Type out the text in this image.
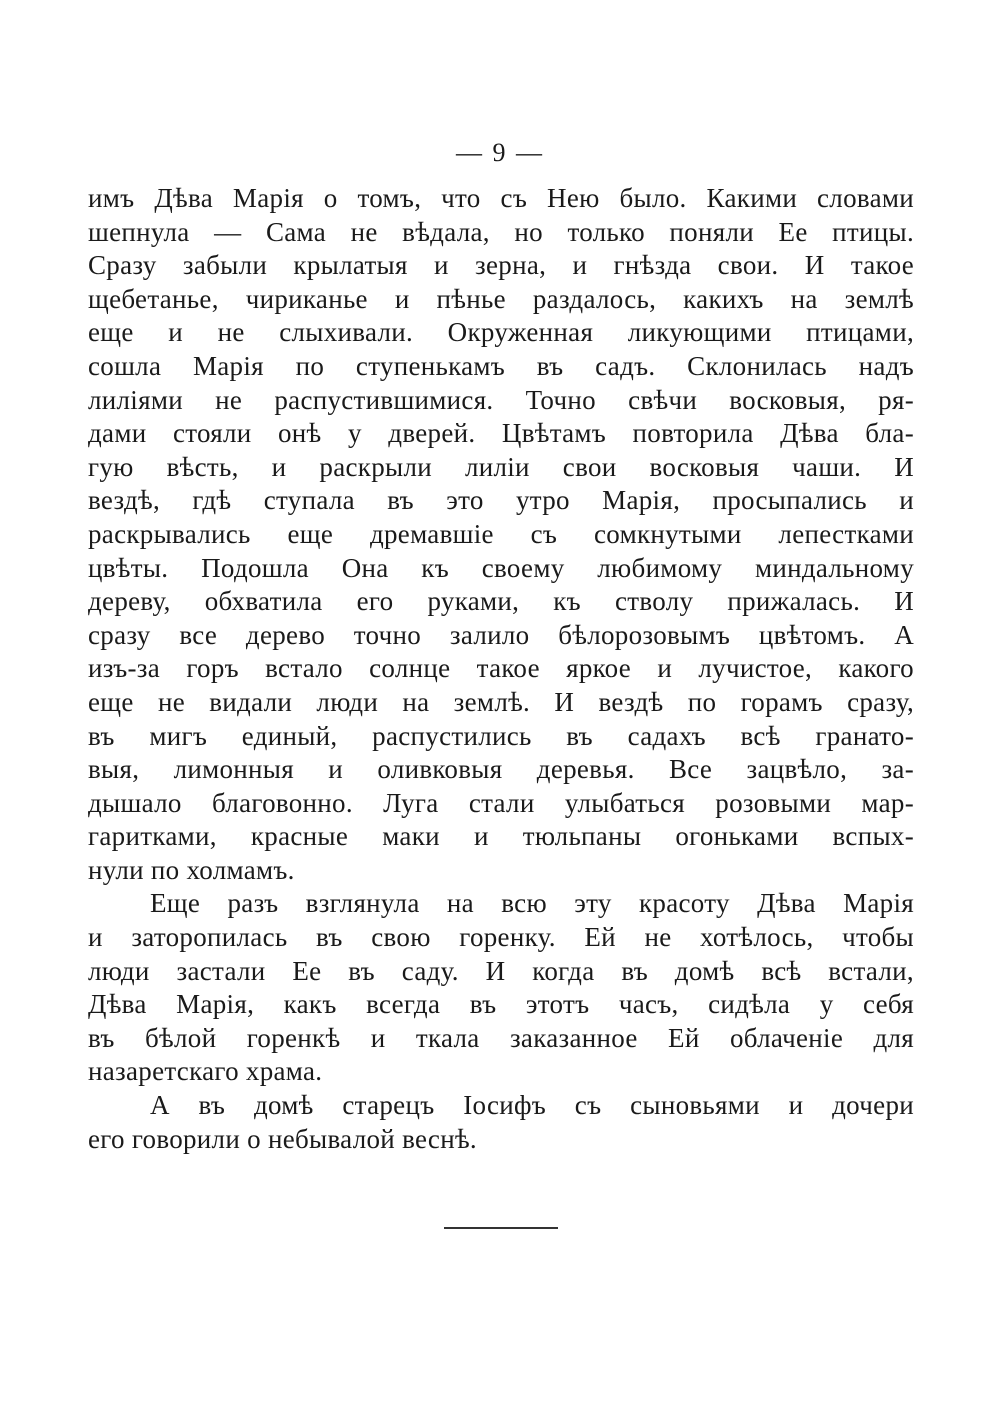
— 9 —
имъ Дѣва Марія о томъ, что съ Нею было. Какими словами
шепнула — Сама не вѣдала, но только поняли Ее птицы.
Сразу забыли крылатыя и зерна, и гнѣзда свои. И такое
щебетанье, чириканье и пѣнье раздалось, какихъ на землѣ
еще и не слыхивали. Окруженная ликующими птицами,
сошла Марія по ступенькамъ въ садъ. Склонилась надъ
лиліями не распустившимися. Точно свѣчи восковыя, ря-
дами стояли онѣ у дверей. Цвѣтамъ повторила Дѣва бла-
гую вѣсть, и раскрыли лиліи свои восковыя чаши. И
вездѣ, гдѣ ступала въ это утро Марія, просыпались и
раскрывались еще дремавшіе съ сомкнутыми лепестками
цвѣты. Подошла Она къ своему любимому миндальному
дереву, обхватила его руками, къ стволу прижалась. И
сразу все дерево точно залило бѣлорозовымъ цвѣтомъ. А
изъ-за горъ встало солнце такое яркое и лучистое, какого
еще не видали люди на землѣ. И вездѣ по горамъ сразу,
въ мигъ единый, распустились въ садахъ всѣ гранато-
выя, лимонныя и оливковыя деревья. Все зацвѣло, за-
дышало благовонно. Луга стали улыбаться розовыми мар-
гаритками, красные маки и тюльпаны огоньками вспых-
нули по холмамъ.
Еще разъ взглянула на всю эту красоту Дѣва Марія
и заторопилась въ свою горенку. Ей не хотѣлось, чтобы
люди застали Ее въ саду. И когда въ домѣ всѣ встали,
Дѣва Марія, какъ всегда въ этотъ часъ, сидѣла у себя
въ бѣлой горенкѣ и ткала заказанное Ей облаченіе для
назаретскаго храма.
А въ домѣ старецъ Іосифъ съ сыновьями и дочери
его говорили о небывалой веснѣ.
